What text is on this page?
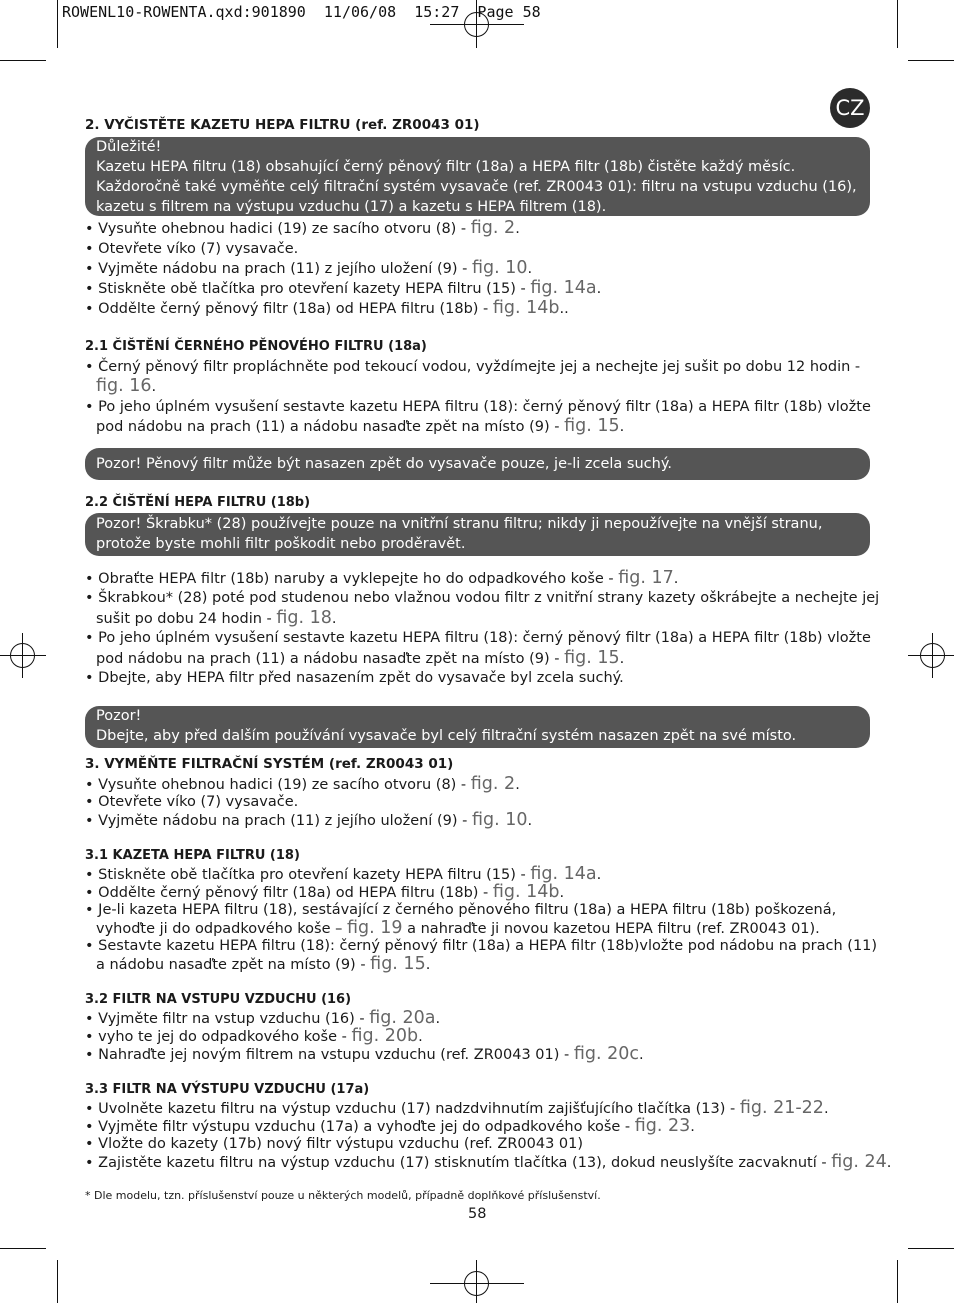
ROWENL10-ROWENTA.qxd:901890  11/06/08  15:27  Page 58
CZ
2. VYČISTĚTE KAZETU HEPA FILTRU (ref. ZR0043 01)
Důležité!
Kazetu HEPA filtru (18) obsahující černý pěnový filtr (18a) a HEPA filtr (18b) čistěte každý měsíc.
Každoročně také vyměňte celý filtrační systém vysavače (ref. ZR0043 01): filtru na vstupu vzduchu (16),
kazetu s filtrem na výstupu vzduchu (17) a kazetu s HEPA filtrem (18).
• Vysuňte ohebnou hadici (19) ze sacího otvoru (8) - fig. 2.
• Otevřete víko (7) vysavače.
• Vyjměte nádobu na prach (11) z jejího uložení (9) - fig. 10.
• Stiskněte obě tlačítka pro otevření kazety HEPA filtru (15) - fig. 14a.
• Oddělte černý pěnový filtr (18a) od HEPA filtru (18b) - fig. 14b..
2.1 ČIŠTĚNÍ ČERNÉHO PĚNOVÉHO FILTRU (18a)
• Černý pěnový filtr propláchněte pod tekoucí vodou, vyždímejte jej a nechejte jej sušit po dobu 12 hodin -
fig. 16.
• Po jeho úplném vysušení sestavte kazetu HEPA filtru (18): černý pěnový filtr (18a) a HEPA filtr (18b) vložte
pod nádobu na prach (11) a nádobu nasaďte zpět na místo (9) - fig. 15.
Pozor! Pěnový filtr může být nasazen zpět do vysavače pouze, je-li zcela suchý.
2.2 ČIŠTĚNÍ HEPA FILTRU (18b)
Pozor! Škrabku* (28) používejte pouze na vnitřní stranu filtru; nikdy ji nepoužívejte na vnější stranu,
protože byste mohli filtr poškodit nebo proděravět.
• Obraťte HEPA filtr (18b) naruby a vyklepejte ho do odpadkového koše - fig. 17.
• Škrabkou* (28) poté pod studenou nebo vlažnou vodou filtr z vnitřní strany kazety oškrábejte a nechejte jej
sušit po dobu 24 hodin - fig. 18.
• Po jeho úplném vysušení sestavte kazetu HEPA filtru (18): černý pěnový filtr (18a) a HEPA filtr (18b) vložte
pod nádobu na prach (11) a nádobu nasaďte zpět na místo (9) - fig. 15.
• Dbejte, aby HEPA filtr před nasazením zpět do vysavače byl zcela suchý.
Pozor!
Dbejte, aby před dalším používání vysavače byl celý filtrační systém nasazen zpět na své místo.
3. VYMĚŇTE FILTRAČNÍ SYSTÉM (ref. ZR0043 01)
• Vysuňte ohebnou hadici (19) ze sacího otvoru (8) - fig. 2.
• Otevřete víko (7) vysavače.
• Vyjměte nádobu na prach (11) z jejího uložení (9) - fig. 10.
3.1 KAZETA HEPA FILTRU (18)
• Stiskněte obě tlačítka pro otevření kazety HEPA filtru (15) - fig. 14a.
• Oddělte černý pěnový filtr (18a) od HEPA filtru (18b) - fig. 14b.
• Je-li kazeta HEPA filtru (18), sestávající z černého pěnového filtru (18a) a HEPA filtru (18b) poškozená,
vyhoďte ji do odpadkového koše – fig. 19 a nahraďte ji novou kazetou HEPA filtru (ref. ZR0043 01).
• Sestavte kazetu HEPA filtru (18): černý pěnový filtr (18a) a HEPA filtr (18b)vložte pod nádobu na prach (11)
a nádobu nasaďte zpět na místo (9) - fig. 15.
3.2 FILTR NA VSTUPU VZDUCHU (16)
• Vyjměte filtr na vstup vzduchu (16) - fig. 20a.
• vyho te jej do odpadkového koše - fig. 20b.
• Nahraďte jej novým filtrem na vstupu vzduchu (ref. ZR0043 01) - fig. 20c.
3.3 FILTR NA VÝSTUPU VZDUCHU (17a)
• Uvolněte kazetu filtru na výstup vzduchu (17) nadzdvihnutím zajišťujícího tlačítka (13) - fig. 21-22.
• Vyjměte filtr výstupu vzduchu (17a) a vyhoďte jej do odpadkového koše - fig. 23.
• Vložte do kazety (17b) nový filtr výstupu vzduchu (ref. ZR0043 01)
• Zajistěte kazetu filtru na výstup vzduchu (17) stisknutím tlačítka (13), dokud neuslyšíte zacvaknutí - fig. 24.
* Dle modelu, tzn. příslušenství pouze u některých modelů, případně doplňkové příslušenství.
58
